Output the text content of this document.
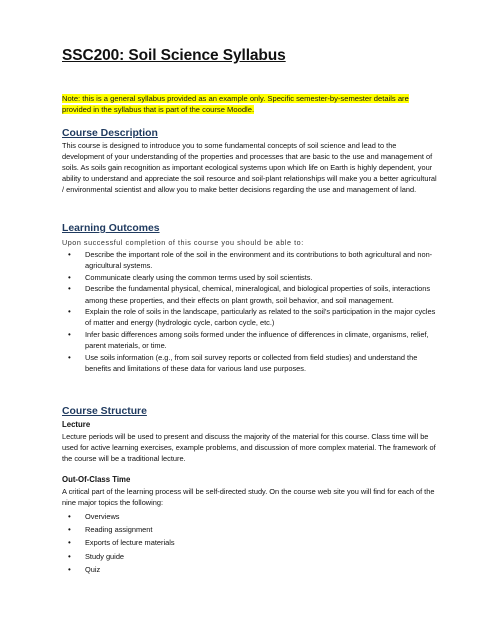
SSC200: Soil Science Syllabus
Note: this is a general syllabus provided as an example only. Specific semester-by-semester details are provided in the syllabus that is part of the course Moodle.
Course Description
This course is designed to introduce you to some fundamental concepts of soil science and lead to the development of your understanding of the properties and processes that are basic to the use and management of soils. As soils gain recognition as important ecological systems upon which life on Earth is highly dependent, your ability to understand and appreciate the soil resource and soil-plant relationships will make you a better agricultural / environmental scientist and allow you to make better decisions regarding the use and management of land.
Learning Outcomes
Upon successful completion of this course you should be able to:
• Describe the important role of the soil in the environment and its contributions to both agricultural and non-agricultural systems.
• Communicate clearly using the common terms used by soil scientists.
• Describe the fundamental physical, chemical, mineralogical, and biological properties of soils, interactions among these properties, and their effects on plant growth, soil behavior, and soil management.
• Explain the role of soils in the landscape, particularly as related to the soil’s participation in the major cycles of matter and energy (hydrologic cycle, carbon cycle, etc.)
• Infer basic differences among soils formed under the influence of differences in climate, organisms, relief, parent materials, or time.
• Use soils information (e.g., from soil survey reports or collected from field studies) and understand the benefits and limitations of these data for various land use purposes.
Course Structure
Lecture
Lecture periods will be used to present and discuss the majority of the material for this course. Class time will be used for active learning exercises, example problems, and discussion of more complex material. The framework of the course will be a traditional lecture.
Out-Of-Class Time
A critical part of the learning process will be self-directed study. On the course web site you will find for each of the nine major topics the following:
• Overviews
• Reading assignment
• Exports of lecture materials
• Study guide
• Quiz
